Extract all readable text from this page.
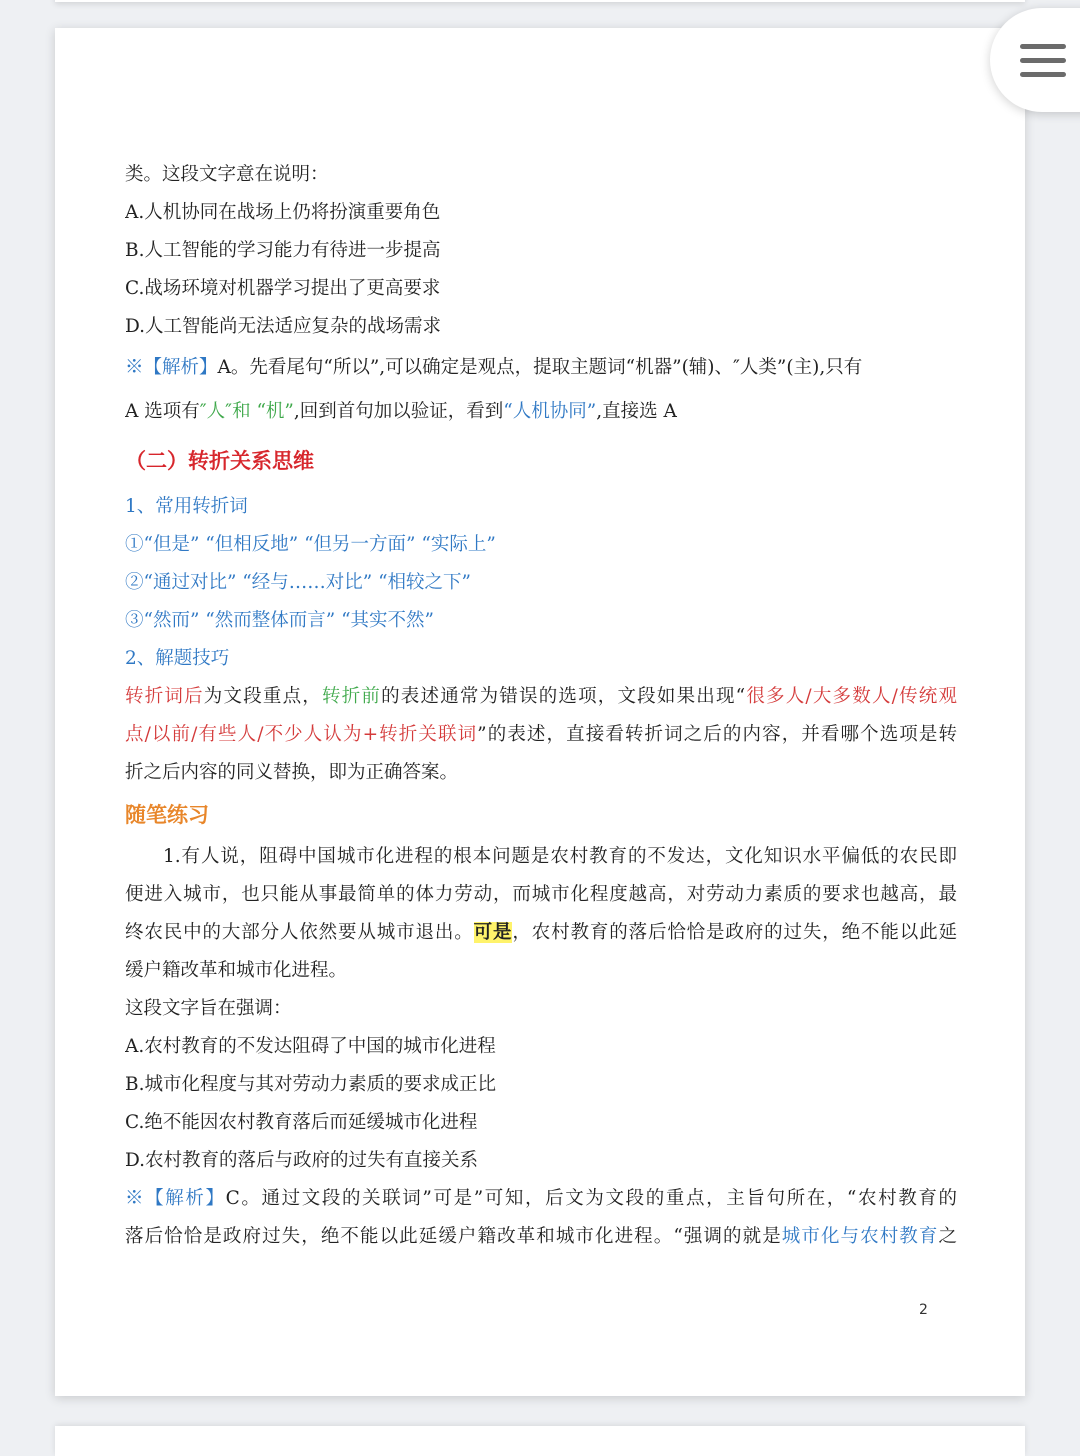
类。这段文字意在说明：
A.人机协同在战场上仍将扮演重要角色
B.人工智能的学习能力有待进一步提高
C.战场环境对机器学习提出了更高要求
D.人工智能尚无法适应复杂的战场需求
※【解析】A。先看尾句“所以”,可以确定是观点，提取主题词“机器”(辅)、″人类”(主),只有
A 选项有″人″和 “机”,回到首句加以验证，看到“人机协同”,直接选 A
（二）转折关系思维
1、常用转折词
①“但是” “但相反地” “但另一方面” “实际上”
②“通过对比” “经与……对比” “相较之下”
③“然而” “然而整体而言” “其实不然”
2、解题技巧
转折词后为文段重点，转折前的表述通常为错误的选项，文段如果出现“很多人/大多数人/传统观
点/以前/有些人/不少人认为+转折关联词”的表述，直接看转折词之后的内容，并看哪个选项是转
折之后内容的同义替换，即为正确答案。
随笔练习
1.有人说，阻碍中国城市化进程的根本问题是农村教育的不发达，文化知识水平偏低的农民即
便进入城市，也只能从事最简单的体力劳动，而城市化程度越高，对劳动力素质的要求也越高，最
终农民中的大部分人依然要从城市退出。可是，农村教育的落后恰恰是政府的过失，绝不能以此延
缓户籍改革和城市化进程。
这段文字旨在强调：
A.农村教育的不发达阻碍了中国的城市化进程
B.城市化程度与其对劳动力素质的要求成正比
C.绝不能因农村教育落后而延缓城市化进程
D.农村教育的落后与政府的过失有直接关系
※【解析】C。通过文段的关联词”可是”可知，后文为文段的重点，主旨句所在，“农村教育的
落后恰恰是政府过失，绝不能以此延缓户籍改革和城市化进程。“强调的就是城市化与农村教育之
2
